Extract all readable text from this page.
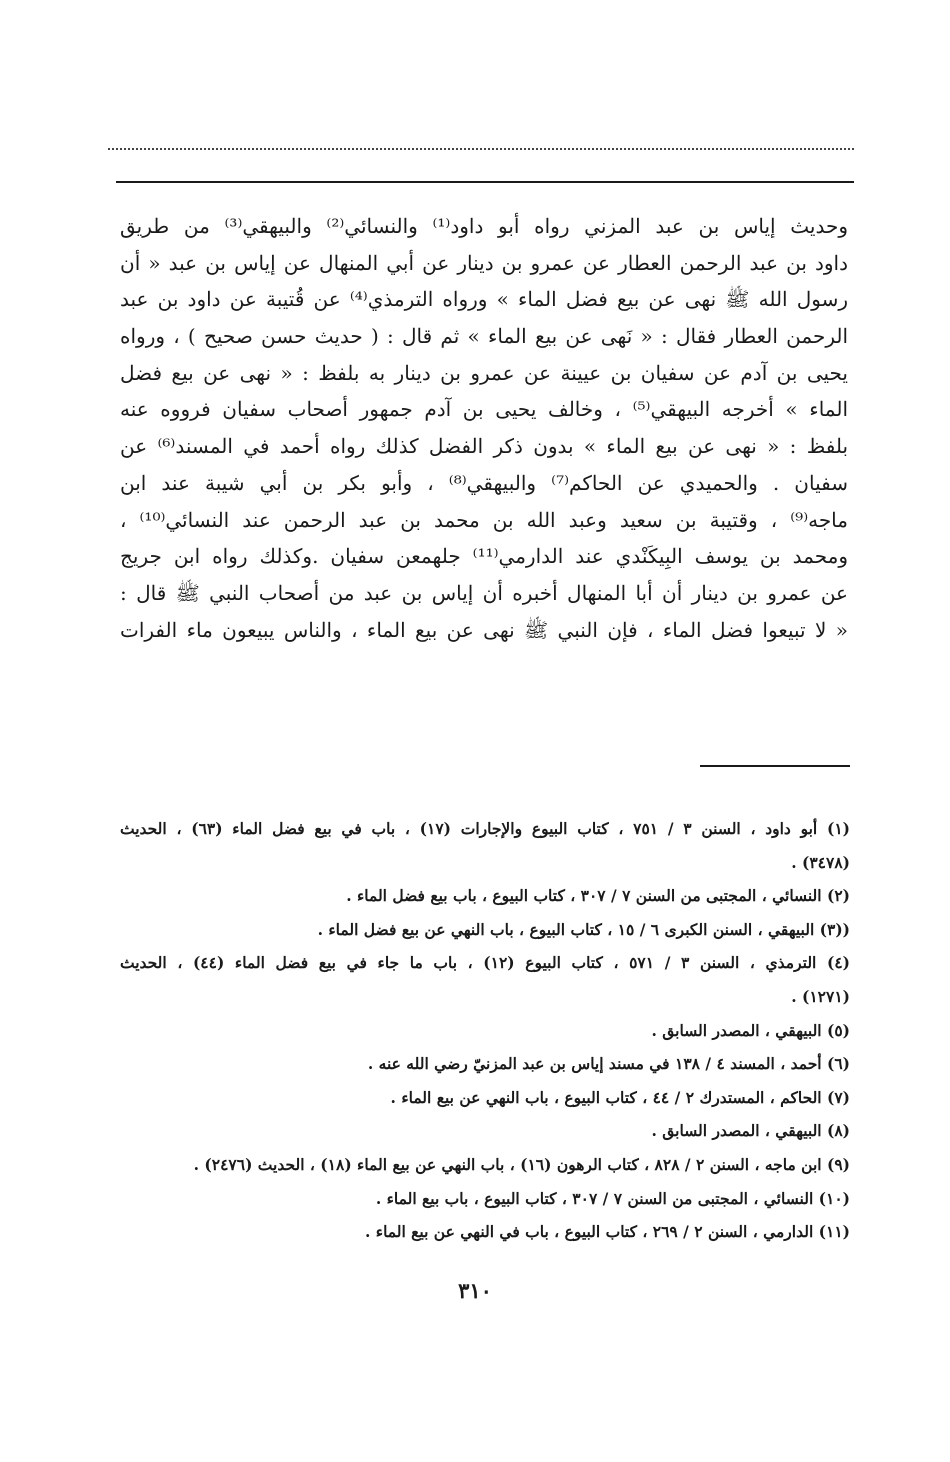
وحديث إياس بن عبد المزني رواه أبو داود⁽¹⁾ والنسائي⁽²⁾ والبيهقي⁽³⁾ من طريق
داود بن عبد الرحمن العطار عن عمرو بن دينار عن أبي المنهال عن إياس بن عبد « أن
رسول الله ﷺ نهى عن بيع فضل الماء » ورواه الترمذي⁽⁴⁾ عن قُتيبة عن داود بن عبد
الرحمن العطار فقال : « نَهى عن بيع الماء » ثم قال : ( حديث حسن صحيح ) ، ورواه
يحيى بن آدم عن سفيان بن عيينة عن عمرو بن دينار به بلفظ : « نهى عن بيع فضل
الماء » أخرجه البيهقي⁽⁵⁾ ، وخالف يحيى بن آدم جمهور أصحاب سفيان فرووه عنه
بلفظ : « نهى عن بيع الماء » بدون ذكر الفضل كذلك رواه أحمد في المسند⁽⁶⁾ عن
سفيان . والحميدي عن الحاكم⁽⁷⁾ والبيهقي⁽⁸⁾ ، وأبو بكر بن أبي شيبة عند ابن
ماجه⁽⁹⁾ ، وقتيبة بن سعيد وعبد الله بن محمد بن عبد الرحمن عند النسائي⁽¹⁰⁾ ،
ومحمد بن يوسف البِيكَنْدي عند الدارمي⁽¹¹⁾ جلهمعن سفيان .وكذلك رواه ابن جريج
عن عمرو بن دينار أن أبا المنهال أخبره أن إياس بن عبد من أصحاب النبي ﷺ قال :
« لا تبيعوا فضل الماء ، فإن النبي ﷺ نهى عن بيع الماء ، والناس يبيعون ماء الفرات
(١) أبو داود ، السنن ٣ / ٧٥١ ، كتاب البيوع والإجارات (١٧) ، باب في بيع فضل الماء (٦٣) ، الحديث
(٣٤٧٨) .
(٢) النسائي ، المجتبى من السنن ٧ / ٣٠٧ ، كتاب البيوع ، باب بيع فضل الماء .
((٣) البيهقي ، السنن الكبرى ٦ / ١٥ ، كتاب البيوع ، باب النهي عن بيع فضل الماء .
(٤) الترمذي ، السنن ٣ / ٥٧١ ، كتاب البيوع (١٢) ، باب ما جاء في بيع فضل الماء (٤٤) ، الحديث
(١٢٧١) .
(٥) البيهقي ، المصدر السابق .
(٦) أحمد ، المسند ٤ / ١٣٨ في مسند إياس بن عبد المزنيّ رضي الله عنه .
(٧) الحاكم ، المستدرك ٢ / ٤٤ ، كتاب البيوع ، باب النهي عن بيع الماء .
(٨) البيهقي ، المصدر السابق .
(٩) ابن ماجه ، السنن ٢ / ٨٢٨ ، كتاب الرهون (١٦) ، باب النهي عن بيع الماء (١٨) ، الحديث (٢٤٧٦) .
(١٠) النسائي ، المجتبى من السنن ٧ / ٣٠٧ ، كتاب البيوع ، باب بيع الماء .
(١١) الدارمي ، السنن ٢ / ٢٦٩ ، كتاب البيوع ، باب في النهي عن بيع الماء .
٣١٠
